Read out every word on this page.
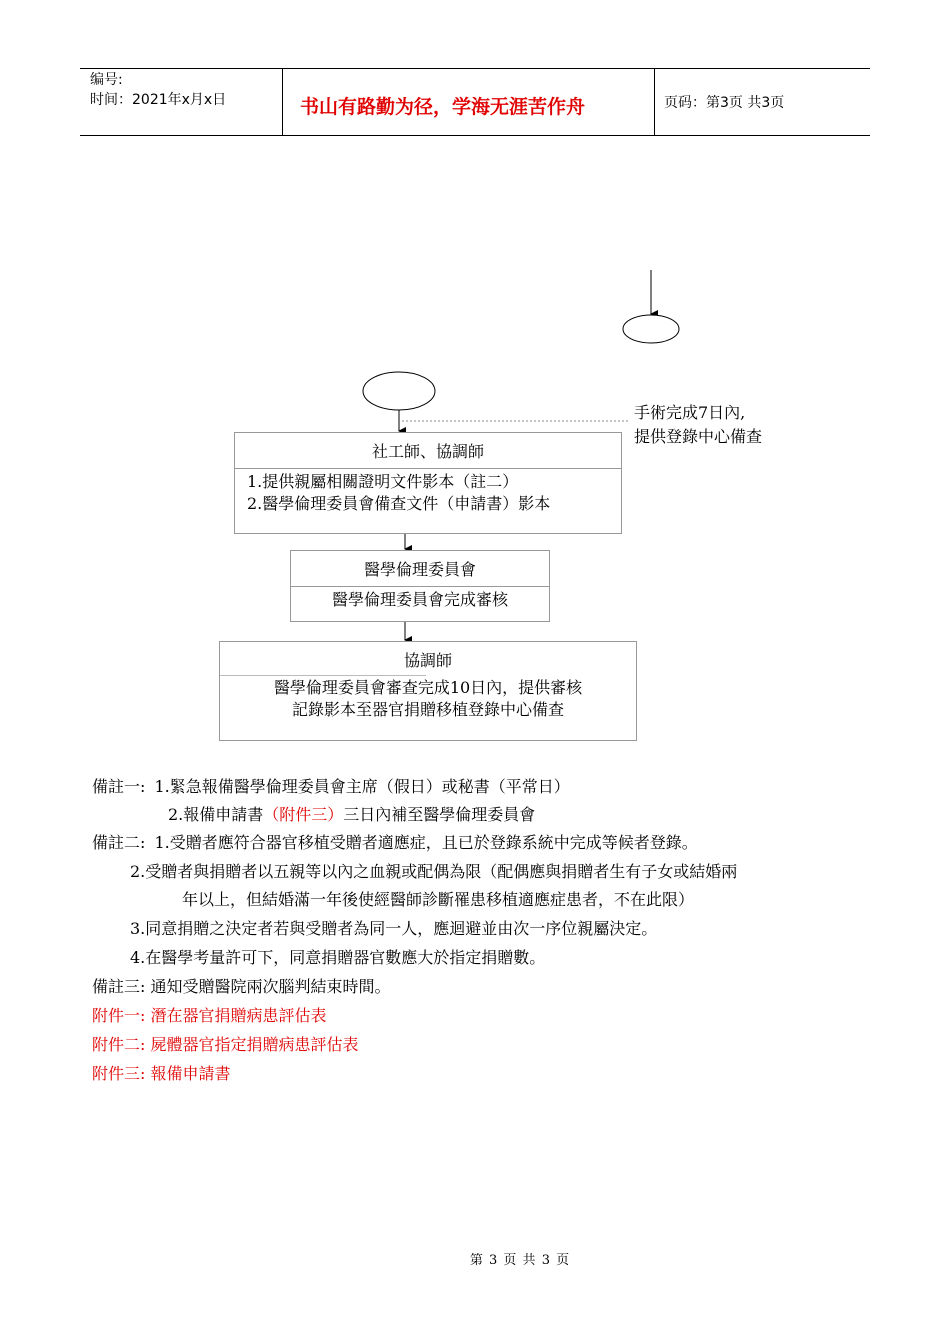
编号:
时间：2021年x月x日	书山有路勤为径，学海无涯苦作舟	页码：第3页 共3页
手術完成7日內,
提供登錄中心備查
社工師、協調師
1.提供親屬相關證明文件影本（註二）
2.醫學倫理委員會備查文件（申請書）影本
醫學倫理委員會
醫學倫理委員會完成審核
協調師
醫學倫理委員會審查完成10日內，提供審核
記錄影本至器官捐贈移植登錄中心備查
備註一: 1.緊急報備醫學倫理委員會主席（假日）或秘書（平常日）
2.報備申請書（附件三）三日內補至醫學倫理委員會
備註二: 1.受贈者應符合器官移植受贈者適應症，且已於登錄系統中完成等候者登錄。
2.受贈者與捐贈者以五親等以內之血親或配偶為限（配偶應與捐贈者生有子女或結婚兩
年以上，但結婚滿一年後使經醫師診斷罹患移植適應症患者，不在此限）
3.同意捐贈之決定者若與受贈者為同一人，應迴避並由次一序位親屬決定。
4.在醫學考量許可下，同意捐贈器官數應大於指定捐贈數。
備註三: 通知受贈醫院兩次腦判結束時間。
附件一: 潛在器官捐贈病患評估表
附件二: 屍體器官指定捐贈病患評估表
附件三: 報備申請書
第 3 页 共 3 页
